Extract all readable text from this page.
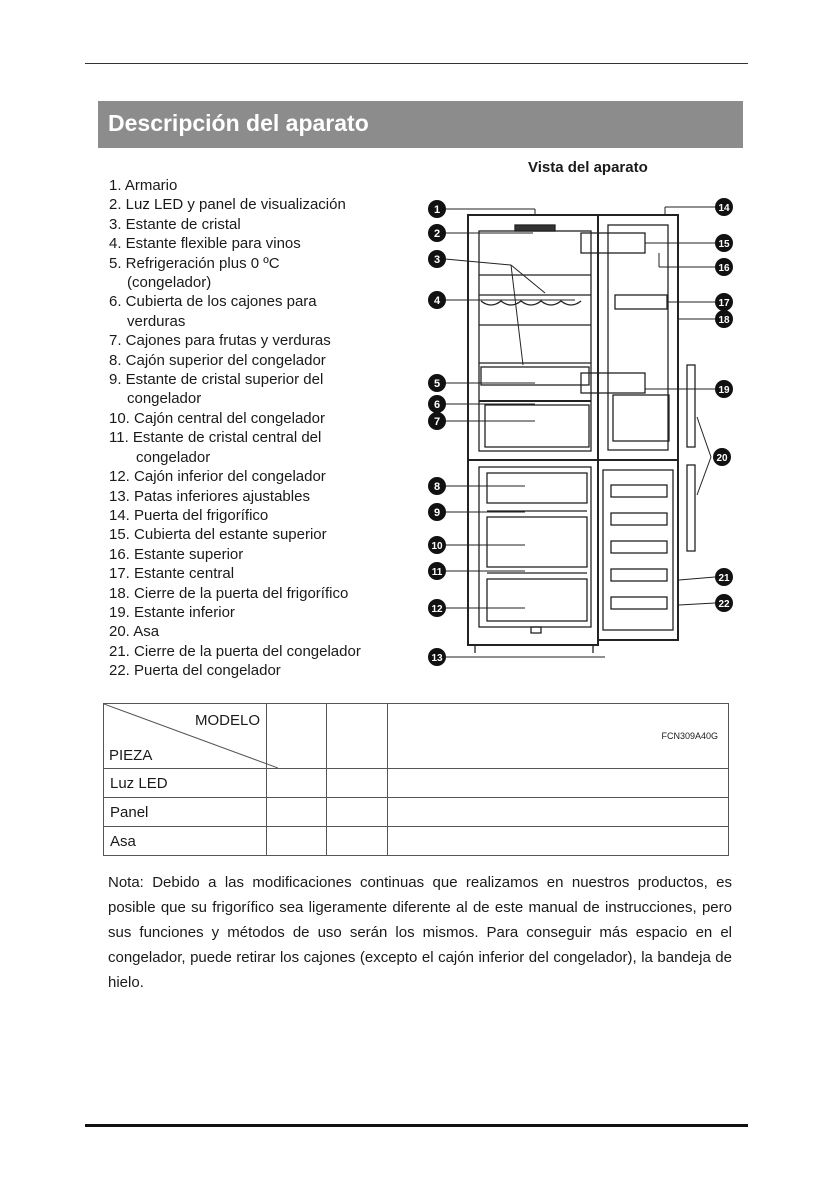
Descripción del aparato
Vista del aparato
1. Armario
2. Luz LED y panel de visualización
3. Estante de cristal
4. Estante flexible para vinos
5. Refrigeración plus 0 ºC
(congelador)
6. Cubierta de los cajones para
verduras
7. Cajones para frutas y verduras
8. Cajón superior del congelador
9. Estante de cristal superior del
congelador
10. Cajón central del congelador
11. Estante de cristal central del
congelador
12. Cajón inferior del congelador
13. Patas inferiores ajustables
14. Puerta del frigorífico
15. Cubierta del estante superior
16. Estante superior
17. Estante central
18. Cierre de la puerta del frigorífico
19. Estante inferior
20. Asa
21. Cierre de la puerta del congelador
22. Puerta del congelador
1
2
3
4
5
6
7
8
9
10
11
12
13
14
15
16
17
18
19
20
21
22
MODELO
PIEZA			FCN309A40G
Luz LED			
Panel			
Asa			

Nota: Debido a las modificaciones continuas que realizamos en nuestros productos, es posible que su frigorífico sea ligeramente diferente al de este manual de instrucciones, pero sus funciones y métodos de uso serán los mismos. Para conseguir más espacio en el congelador, puede retirar los cajones (excepto el cajón inferior del congelador), la bandeja de hielo.
